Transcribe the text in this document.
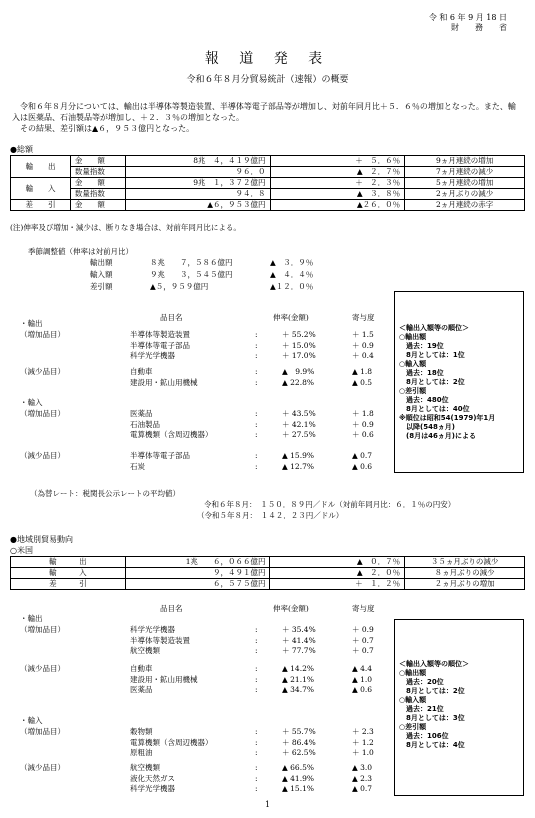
令 和 6 年 9 月 18 日
財　　務　　省
報 道 発 表
令和６年８月分貿易統計（速報）の概要

令和６年８月分については、輸出は半導体等製造装置、半導体等電子部品等が増加し、対前年同月比＋５．６％の増加となった。また、輸入は医薬品、石油製品等が増加し、＋２．３％の増加となった。

その結果、差引額は▲６，９５３億円となった。

●総額
輸　　出	金　　額	8兆　４，４１９億円	＋　５．６％	9ヵ月連続の増加
	数量指数	９６．０	▲　２．７％	7ヵ月連続の減少
輸　　入	金　　額	9兆　１，３７２億円	＋　２．３％	5ヵ月連続の増加
	数量指数	９４．８	▲　３．８％	2ヵ月ぶりの減少
差　　引	金　　額	▲６，９５３億円	▲２６．０％	2ヵ月連続の赤字
(注)伸率及び増加・減少は、断りなき場合は、対前年同月比による。
季節調整値（伸率は対前月比）
輸出額	８兆　　７，５８６億円	▲　３．９％
輸入額	９兆　　３，５４５億円	▲　４．４％
差引額	▲５，９５９億円	▲１２．０％
品目名	伸率(金額)	寄与度
・輸出
（増加品目）	半導体等製造装置	:	＋ 55.2%	＋ 1.5
半導体等電子部品	:	＋ 15.0%	＋ 0.9
科学光学機器	:	＋ 17.0%	＋ 0.4
（減少品目）	自動車	:	▲　9.9%	▲ 1.8
建設用・鉱山用機械	:	▲ 22.8%	▲ 0.5
・輸入
（増加品目）	医薬品	:	＋ 43.5%	＋ 1.8
石油製品	:	＋ 42.1%	＋ 0.9
電算機類（含周辺機器）	:	＋ 27.5%	＋ 0.6
（減少品目）	半導体等電子部品	:	▲ 15.9%	▲ 0.7
石炭	:	▲ 12.7%	▲ 0.6
＜輸出入額等の順位＞
○輸出額
　過去：19位
　8月としては：1位
○輸入額
　過去：18位
　8月としては：2位
○差引額
　過去：480位
　8月としては：40位
※順位は昭和54(1979)年1月
　以降(548ヵ月)
　(8月は46ヵ月)による
（為替レート：税関長公示レートの平均値）
令和６年８月：　１５０．８９円／ドル（対前年同月比：６．１％の円安）
（令和５年８月：　１４２．２３円／ドル）
●地域別貿易動向
○米国
輸　　　出	1兆　　６，０６６億円	▲　０．７％	３５ヵ月ぶりの減少
輸　　　入	９，４９１億円	▲　２．０％	８ヵ月ぶりの減少
差　　　引	６，５７５億円	＋　１．２％	２ヵ月ぶりの増加
品目名	伸率(金額)	寄与度
・輸出
（増加品目）	科学光学機器	:	＋ 35.4%	＋ 0.9
半導体等製造装置	:	＋ 41.4%	＋ 0.7
航空機類	:	＋ 77.7%	＋ 0.7
（減少品目）	自動車	:	▲ 14.2%	▲ 4.4
建設用・鉱山用機械	:	▲ 21.1%	▲ 1.0
医薬品	:	▲ 34.7%	▲ 0.6
・輸入
（増加品目）	穀物類	:	＋ 55.7%	＋ 2.3
電算機類（含周辺機器）	:	＋ 86.4%	＋ 1.2
原粗油	:	＋ 62.5%	＋ 1.0
（減少品目）	航空機類	:	▲ 66.5%	▲ 3.0
液化天然ガス	:	▲ 41.9%	▲ 2.3
科学光学機器	:	▲ 15.1%	▲ 0.7
＜輸出入額等の順位＞
○輸出額
　過去：20位
　8月としては：2位
○輸入額
　過去：21位
　8月としては：3位
○差引額
　過去：106位
　8月としては：4位
1
